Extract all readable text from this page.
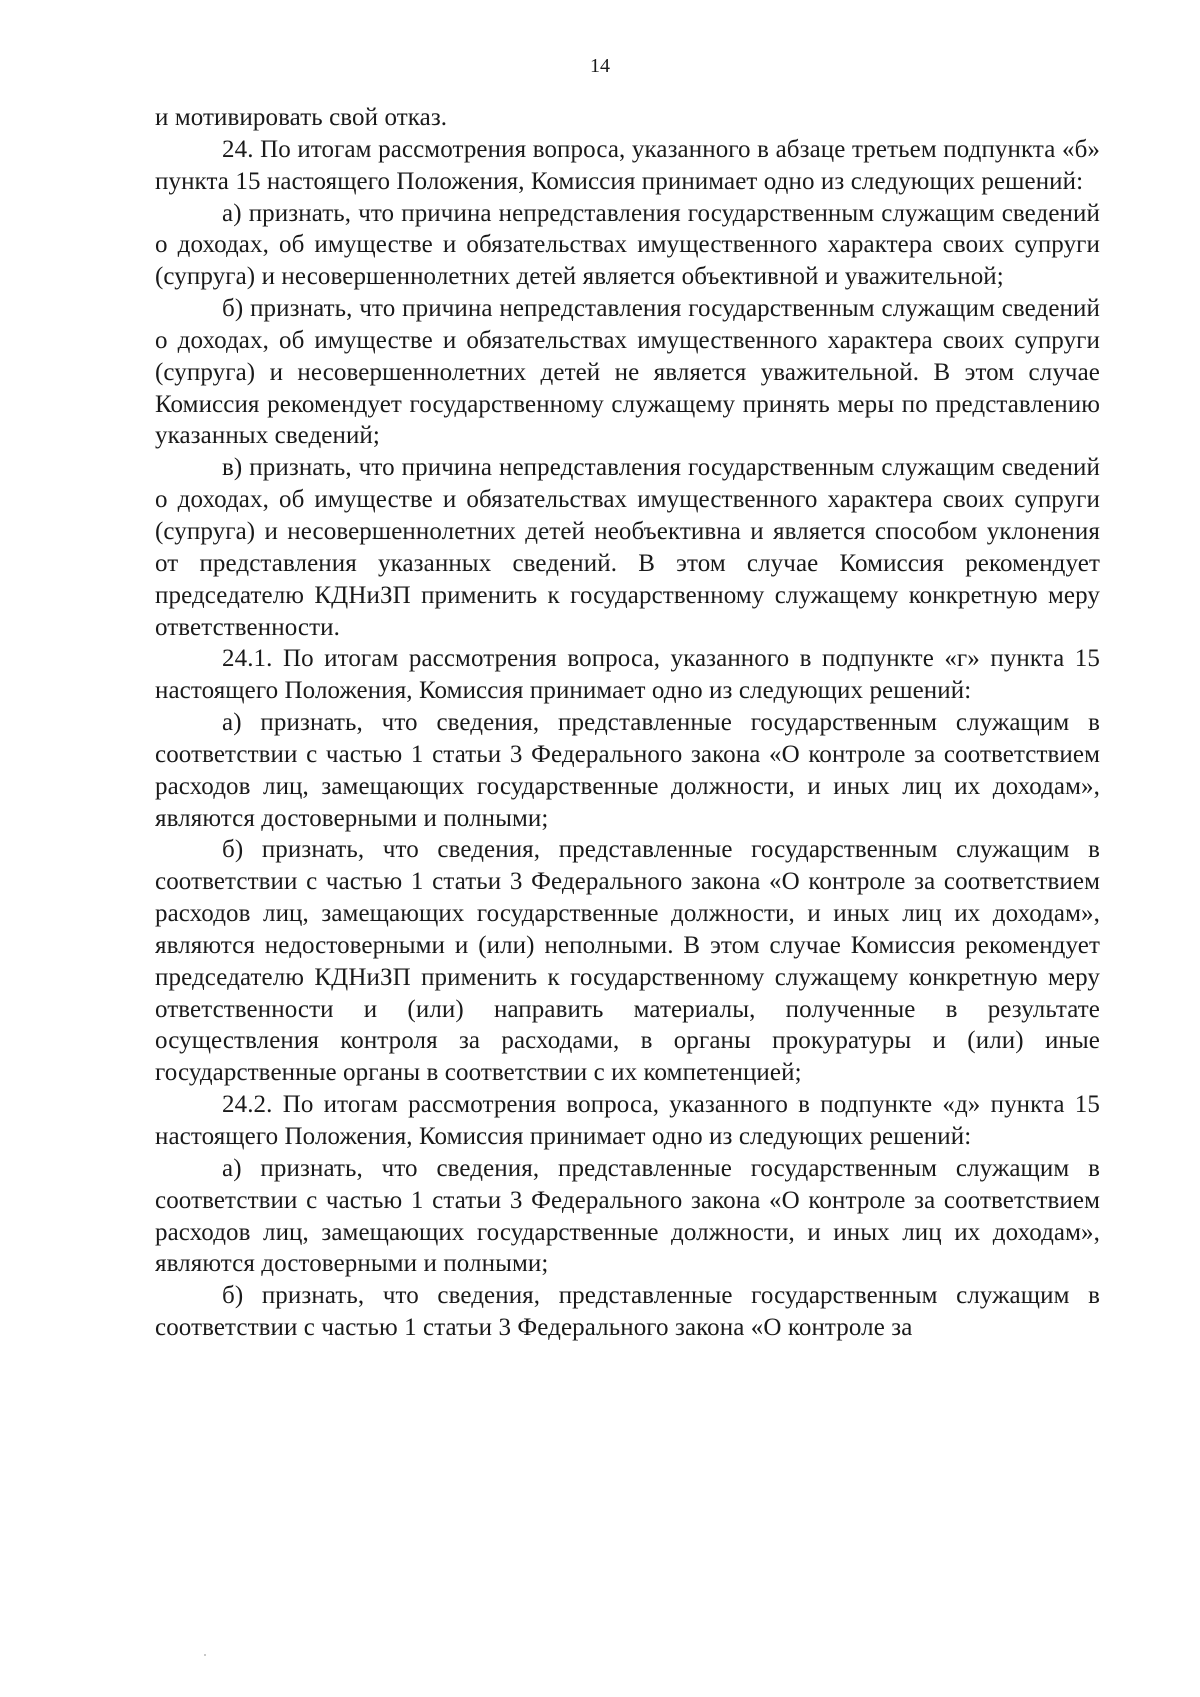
14

и мотивировать свой отказ.

24. По итогам рассмотрения вопроса, указанного в абзаце третьем подпункта «б» пункта 15 настоящего Положения, Комиссия принимает одно из следующих решений:

а) признать, что причина непредставления государственным служащим сведений о доходах, об имуществе и обязательствах имущественного характера своих супруги (супруга) и несовершеннолетних детей является объективной и уважительной;

б) признать, что причина непредставления государственным служащим сведений о доходах, об имуществе и обязательствах имущественного характера своих супруги (супруга) и несовершеннолетних детей не является уважительной. В этом случае Комиссия рекомендует государственному служащему принять меры по представлению указанных сведений;

в) признать, что причина непредставления государственным служащим сведений о доходах, об имуществе и обязательствах имущественного характера своих супруги (супруга) и несовершеннолетних детей необъективна и является способом уклонения от представления указанных сведений. В этом случае Комиссия рекомендует председателю КДНиЗП применить к государственному служащему конкретную меру ответственности.

24.1. По итогам рассмотрения вопроса, указанного в подпункте «г» пункта 15 настоящего Положения, Комиссия принимает одно из следующих решений:

а) признать, что сведения, представленные государственным служащим в соответствии с частью 1 статьи 3 Федерального закона «О контроле за соответствием расходов лиц, замещающих государственные должности, и иных лиц их доходам», являются достоверными и полными;

б) признать, что сведения, представленные государственным служащим в соответствии с частью 1 статьи 3 Федерального закона «О контроле за соответствием расходов лиц, замещающих государственные должности, и иных лиц их доходам», являются недостоверными и (или) неполными. В этом случае Комиссия рекомендует председателю КДНиЗП применить к государственному служащему конкретную меру ответственности и (или) направить материалы, полученные в результате осуществления контроля за расходами, в органы прокуратуры и (или) иные государственные органы в соответствии с их компетенцией;

24.2. По итогам рассмотрения вопроса, указанного в подпункте «д» пункта 15 настоящего Положения, Комиссия принимает одно из следующих решений:

а) признать, что сведения, представленные государственным служащим в соответствии с частью 1 статьи 3 Федерального закона «О контроле за соответствием расходов лиц, замещающих государственные должности, и иных лиц их доходам», являются достоверными и полными;

б) признать, что сведения, представленные государственным служащим в соответствии с частью 1 статьи 3 Федерального закона «О контроле за
